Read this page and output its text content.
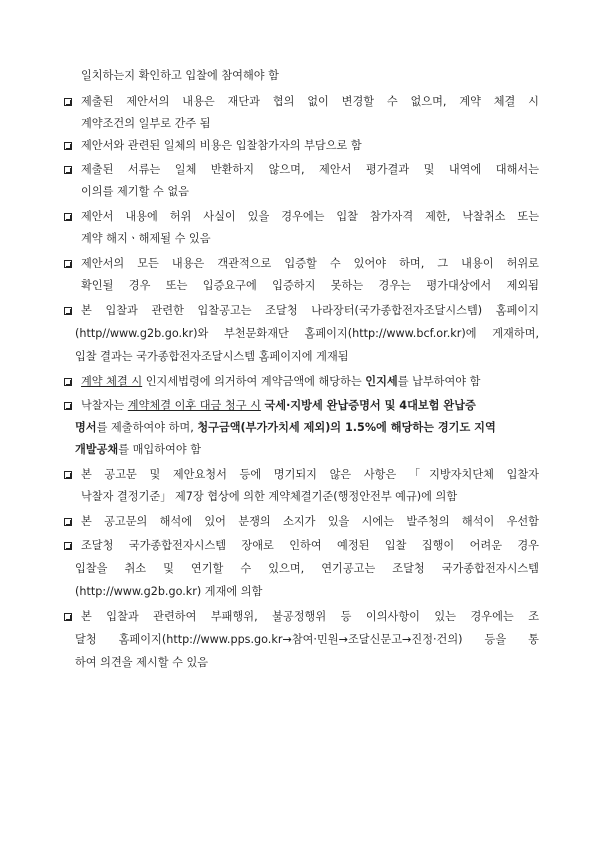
일치하는지 확인하고 입찰에 참여해야 함
제출된 제안서의 내용은 재단과 협의 없이 변경할 수 없으며, 계약 체결 시
계약조건의 일부로 간주 됨
제안서와 관련된 일체의 비용은 입찰참가자의 부담으로 함
제출된 서류는 일체 반환하지 않으며, 제안서 평가결과 및 내역에 대해서는
이의를 제기할 수 없음
제안서 내용에 허위 사실이 있을 경우에는 입찰 참가자격 제한, 낙찰취소 또는
계약 해지ㆍ해제될 수 있음
제안서의 모든 내용은 객관적으로 입증할 수 있어야 하며, 그 내용이 허위로
확인될 경우 또는 입증요구에 입증하지 못하는 경우는 평가대상에서 제외됨
본 입찰과 관련한 입찰공고는 조달청 나라장터(국가종합전자조달시스템) 홈페이지
(http//www.g2b.go.kr)와 부천문화재단 홈페이지(http://www.bcf.or.kr)에 게재하며,
입찰 결과는 국가종합전자조달시스템 홈페이지에 게재됨
계약 체결 시 인지세법령에 의거하여 계약금액에 해당하는 인지세를 납부하여야 함
낙찰자는 계약체결 이후 대금 청구 시 국세·지방세 완납증명서 및 4대보험 완납증
명서를 제출하여야 하며, 청구금액(부가가치세 제외)의 1.5%에 해당하는 경기도 지역
개발공채를 매입하여야 함
본 공고문 및 제안요청서 등에 명기되지 않은 사항은 「지방자치단체 입찰자
낙찰자 결정기준」 제7장 협상에 의한 계약체결기준(행정안전부 예규)에 의함
본 공고문의 해석에 있어 분쟁의 소지가 있을 시에는 발주청의 해석이 우선함
조달청 국가종합전자시스템 장애로 인하여 예정된 입찰 집행이 어려운 경우
입찰을 취소 및 연기할 수 있으며, 연기공고는 조달청 국가종합전자시스템
(http://www.g2b.go.kr) 게재에 의함
본 입찰과 관련하여 부패행위, 불공정행위 등 이의사항이 있는 경우에는 조
달청 홈페이지(http://www.pps.go.kr→참여·민원→조달신문고→진정·건의) 등을 통
하여 의견을 제시할 수 있음
